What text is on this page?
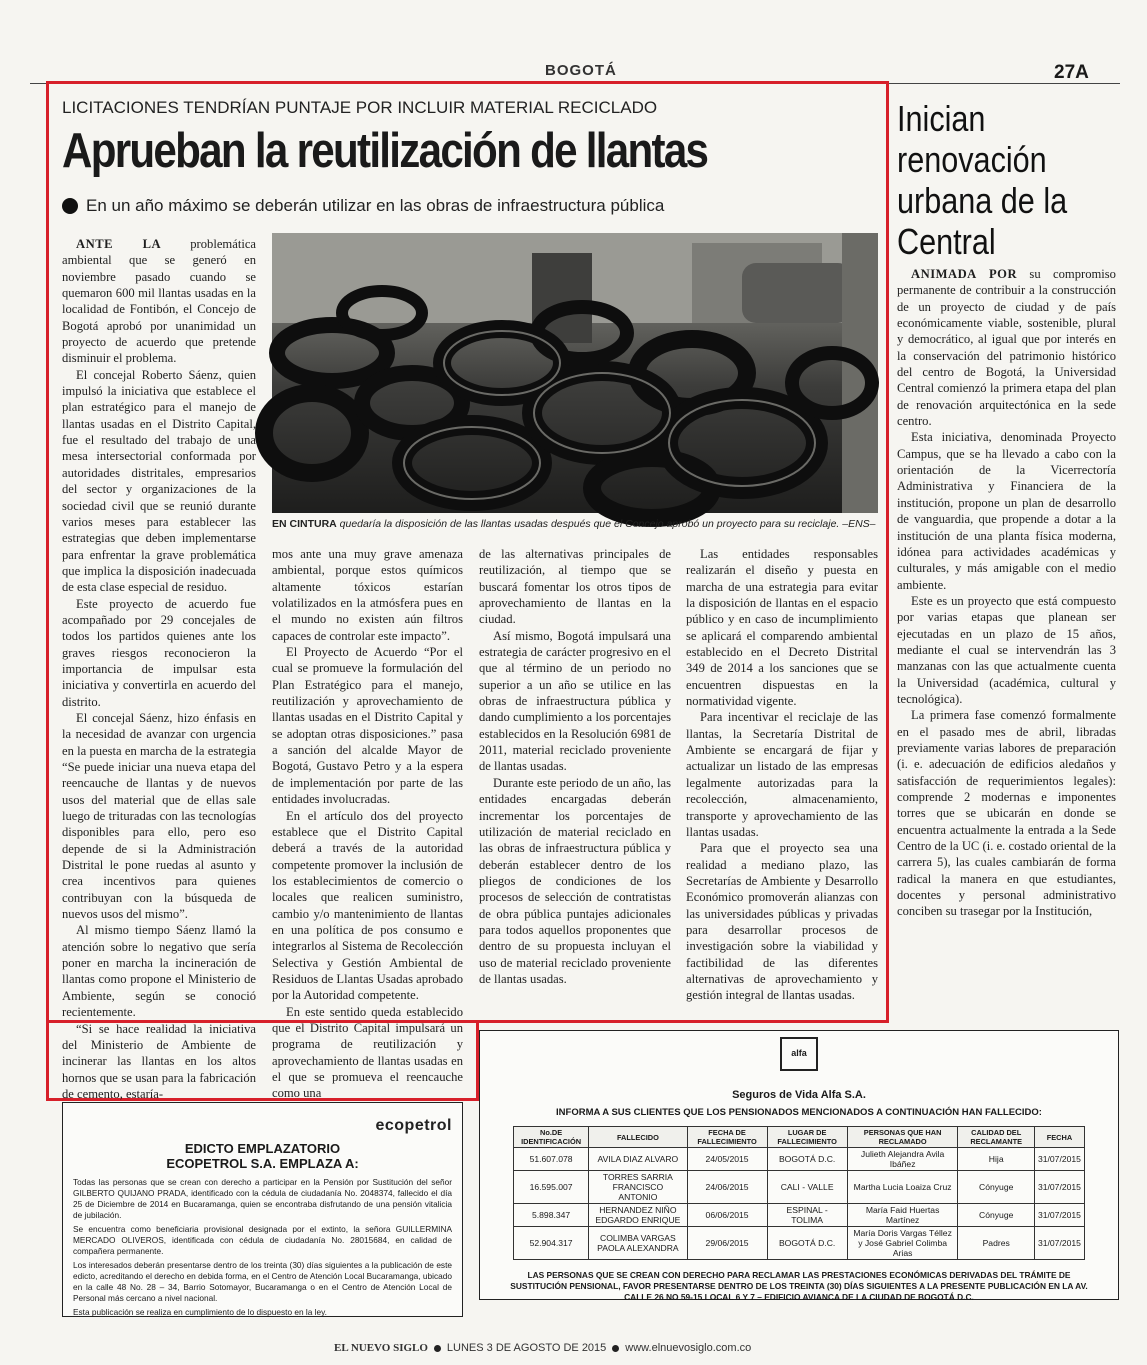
BOGOTÁ	27A
LICITACIONES TENDRÍAN PUNTAJE POR INCLUIR MATERIAL RECICLADO
Aprueban la reutilización de llantas
En un año máximo se deberán utilizar en las obras de infraestructura pública

ANTE LA problemática ambiental que se generó en noviembre pasado cuando se quemaron 600 mil llantas usadas en la localidad de Fontibón, el Concejo de Bogotá aprobó por unanimidad un proyecto de acuerdo que pretende disminuir el problema.

El concejal Roberto Sáenz, quien impulsó la iniciativa que establece el plan estratégico para el manejo de llantas usadas en el Distrito Capital, fue el resultado del trabajo de una mesa intersectorial conformada por autoridades distritales, empresarios del sector y organizaciones de la sociedad civil que se reunió durante varios meses para establecer las estrategias que deben implementarse para enfrentar la grave problemática que implica la disposición inadecuada de esta clase especial de residuo.

Este proyecto de acuerdo fue acompañado por 29 concejales de todos los partidos quienes ante los graves riesgos reconocieron la importancia de impulsar esta iniciativa y convertirla en acuerdo del distrito.

El concejal Sáenz, hizo énfasis en la necesidad de avanzar con urgencia en la puesta en marcha de la estrategia “Se puede iniciar una nueva etapa del reencauche de llantas y de nuevos usos del material que de ellas sale luego de trituradas con las tecnologías disponibles para ello, pero eso depende de si la Administración Distrital le pone ruedas al asunto y crea incentivos para quienes contribuyan con la búsqueda de nuevos usos del mismo”.

Al mismo tiempo Sáenz llamó la atención sobre lo negativo que sería poner en marcha la incineración de llantas como propone el Ministerio de Ambiente, según se conoció recientemente.

“Si se hace realidad la iniciativa del Ministerio de Ambiente de incinerar las llantas en los altos hornos que se usan para la fabricación de cemento, estaría-

EN CINTURA quedaría la disposición de las llantas usadas después que el Concejo aprobó un proyecto para su reciclaje. –ENS–

mos ante una muy grave amenaza ambiental, porque estos químicos altamente tóxicos estarían volatilizados en la atmósfera pues en el mundo no existen aún filtros capaces de controlar este impacto”.

El Proyecto de Acuerdo “Por el cual se promueve la formulación del Plan Estratégico para el manejo, reutilización y aprovechamiento de llantas usadas en el Distrito Capital y se adoptan otras disposiciones.” pasa a sanción del alcalde Mayor de Bogotá, Gustavo Petro y a la espera de implementación por parte de las entidades involucradas.

En el artículo dos del proyecto establece que el Distrito Capital deberá a través de la autoridad competente promover la inclusión de los establecimientos de comercio o locales que realicen suministro, cambio y/o mantenimiento de llantas en una política de pos consumo e integrarlos al Sistema de Recolección Selectiva y Gestión Ambiental de Residuos de Llantas Usadas aprobado por la Autoridad competente.

En este sentido queda establecido que el Distrito Capital impulsará un programa de reutilización y aprovechamiento de llantas usadas en el que se promueva el reencauche como una

de las alternativas principales de reutilización, al tiempo que se buscará fomentar los otros tipos de aprovechamiento de llantas en la ciudad.

Así mismo, Bogotá impulsará una estrategia de carácter progresivo en el que al término de un periodo no superior a un año se utilice en las obras de infraestructura pública y dando cumplimiento a los porcentajes establecidos en la Resolución 6981 de 2011, material reciclado proveniente de llantas usadas.

Durante este periodo de un año, las entidades encargadas deberán incrementar los porcentajes de utilización de material reciclado en las obras de infraestructura pública y deberán establecer dentro de los pliegos de condiciones de los procesos de selección de contratistas de obra pública puntajes adicionales para todos aquellos proponentes que dentro de su propuesta incluyan el uso de material reciclado proveniente de llantas usadas.

Las entidades responsables realizarán el diseño y puesta en marcha de una estrategia para evitar la disposición de llantas en el espacio público y en caso de incumplimiento se aplicará el comparendo ambiental establecido en el Decreto Distrital 349 de 2014 a los sanciones que se encuentren dispuestas en la normatividad vigente.

Para incentivar el reciclaje de las llantas, la Secretaría Distrital de Ambiente se encargará de fijar y actualizar un listado de las empresas legalmente autorizadas para la recolección, almacenamiento, transporte y aprovechamiento de las llantas usadas.

Para que el proyecto sea una realidad a mediano plazo, las Secretarías de Ambiente y Desarrollo Económico promoverán alianzas con las universidades públicas y privadas para desarrollar procesos de investigación sobre la viabilidad y factibilidad de las diferentes alternativas de aprovechamiento y gestión integral de llantas usadas.

Inician renovación urbana de la Central

ANIMADA POR su compromiso permanente de contribuir a la construcción de un proyecto de ciudad y de país económicamente viable, sostenible, plural y democrático, al igual que por interés en la conservación del patrimonio histórico del centro de Bogotá, la Universidad Central comienzó la primera etapa del plan de renovación arquitectónica en la sede centro.

Esta iniciativa, denominada Proyecto Campus, que se ha llevado a cabo con la orientación de la Vicerrectoría Administrativa y Financiera de la institución, propone un plan de desarrollo de vanguardia, que propende a dotar a la institución de una planta física moderna, idónea para actividades académicas y culturales, y más amigable con el medio ambiente.

Este es un proyecto que está compuesto por varias etapas que planean ser ejecutadas en un plazo de 15 años, mediante el cual se intervendrán las 3 manzanas con las que actualmente cuenta la Universidad (académica, cultural y tecnológica).

La primera fase comenzó formalmente en el pasado mes de abril, libradas previamente varias labores de preparación (i. e. adecuación de edificios aledaños y satisfacción de requerimientos legales): comprende 2 modernas e imponentes torres que se ubicarán en donde se encuentra actualmente la entrada a la Sede Centro de la UC (i. e. costado oriental de la carrera 5), las cuales cambiarán de forma radical la manera en que estudiantes, docentes y personal administrativo conciben su trasegar por la Institución,

ecopetrol
EDICTO EMPLAZATORIO
ECOPETROL S.A. EMPLAZA A:

Todas las personas que se crean con derecho a participar en la Pensión por Sustitución del señor GILBERTO QUIJANO PRADA, identificado con la cédula de ciudadanía No. 2048374, fallecido el día 25 de Diciembre de 2014 en Bucaramanga, quien se encontraba disfrutando de una pensión vitalicia de jubilación.

Se encuentra como beneficiaria provisional designada por el extinto, la señora GUILLERMINA MERCADO OLIVEROS, identificada con cédula de ciudadanía No. 28015684, en calidad de compañera permanente.

Los interesados deberán presentarse dentro de los treinta (30) días siguientes a la publicación de este edicto, acreditando el derecho en debida forma, en el Centro de Atención Local Bucaramanga, ubicado en la calle 48 No. 28 – 34, Barrio Sotomayor, Bucaramanga o en el Centro de Atención Local de Personal más cercano a nivel nacional.

Esta publicación se realiza en cumplimiento de lo dispuesto en la ley.

alfa
Seguros de Vida Alfa S.A.
INFORMA A SUS CLIENTES QUE LOS PENSIONADOS MENCIONADOS A CONTINUACIÓN HAN FALLECIDO:
No.DE IDENTIFICACIÓN	FALLECIDO	FECHA DE FALLECIMIENTO	LUGAR DE FALLECIMIENTO	PERSONAS QUE HAN RECLAMADO	CALIDAD DEL RECLAMANTE	FECHA
51.607.078	AVILA DIAZ ALVARO	24/05/2015	BOGOTÁ D.C.	Julieth Alejandra Avila Ibáñez	Hija	31/07/2015
16.595.007	TORRES SARRIA FRANCISCO ANTONIO	24/06/2015	CALI - VALLE	Martha Lucia Loaiza Cruz	Cónyuge	31/07/2015
5.898.347	HERNANDEZ NIÑO EDGARDO ENRIQUE	06/06/2015	ESPINAL - TOLIMA	María Faid Huertas Martínez	Cónyuge	31/07/2015
52.904.317	COLIMBA VARGAS PAOLA ALEXANDRA	29/06/2015	BOGOTÁ D.C.	María Doris Vargas Téllez y José Gabriel Colimba Arias	Padres	31/07/2015
LAS PERSONAS QUE SE CREAN CON DERECHO PARA RECLAMAR LAS PRESTACIONES ECONÓMICAS DERIVADAS DEL TRÁMITE DE SUSTITUCIÓN PENSIONAL, FAVOR PRESENTARSE DENTRO DE LOS TREINTA (30) DÍAS SIGUIENTES A LA PRESENTE PUBLICACIÓN EN LA AV. CALLE 26 NO 59-15 LOCAL 6 Y 7 – EDIFICIO AVIANCA DE LA CIUDAD DE BOGOTÁ D.C.
EL NUEVO SIGLO LUNES 3 DE AGOSTO DE 2015 www.elnuevosiglo.com.co
